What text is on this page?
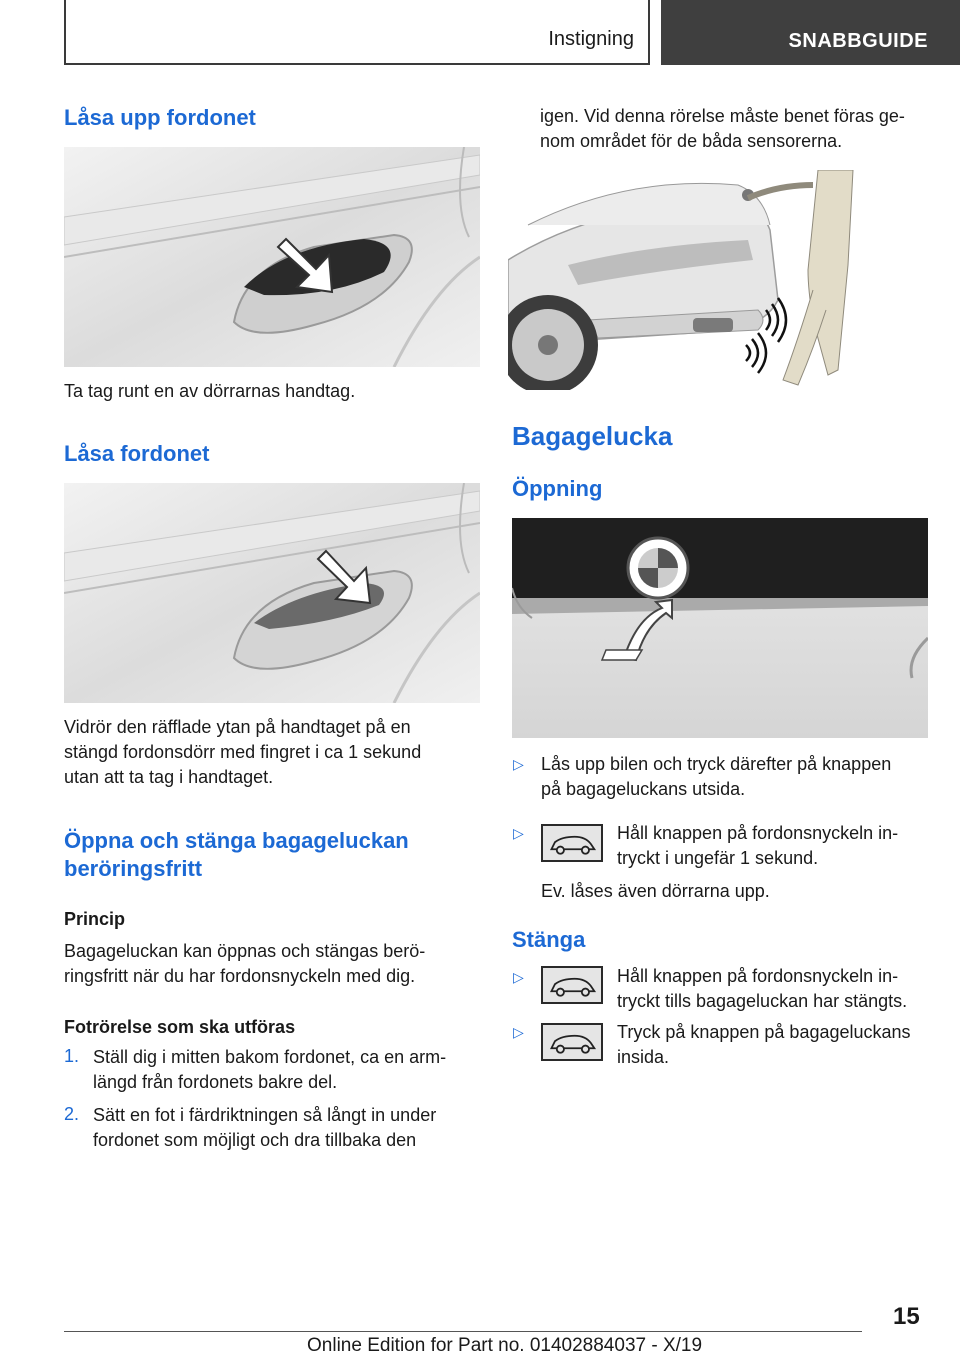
Instigning	SNABBGUIDE
Låsa upp fordonet
Ta tag runt en av dörrarnas handtag.
Låsa fordonet
Vidrör den räfflade ytan på handtaget på en
stängd fordonsdörr med fingret i ca 1 sekund
utan att ta tag i handtaget.
Öppna och stänga bagageluckan
beröringsfritt
Princip
Bagageluckan kan öppnas och stängas berö-
ringsfritt när du har fordonsnyckeln med dig.
Fotrörelse som ska utföras
1. Ställ dig i mitten bakom fordonet, ca en arm-
längd från fordonets bakre del.
2. Sätt en fot i färdriktningen så långt in under
fordonet som möjligt och dra tillbaka den
igen. Vid denna rörelse måste benet föras ge-
nom området för de båda sensorerna.
Bagagelucka
Öppning
▷ Lås upp bilen och tryck därefter på knappen
på bagageluckans utsida.
▷	Håll knappen på fordonsnyckeln in-
tryckt i ungefär 1 sekund.
Ev. låses även dörrarna upp.
Stänga
▷	Håll knappen på fordonsnyckeln in-
tryckt tills bagageluckan har stängts.
▷	Tryck på knappen på bagageluckans
insida.
15
Online Edition for Part no. 01402884037 - X/19
